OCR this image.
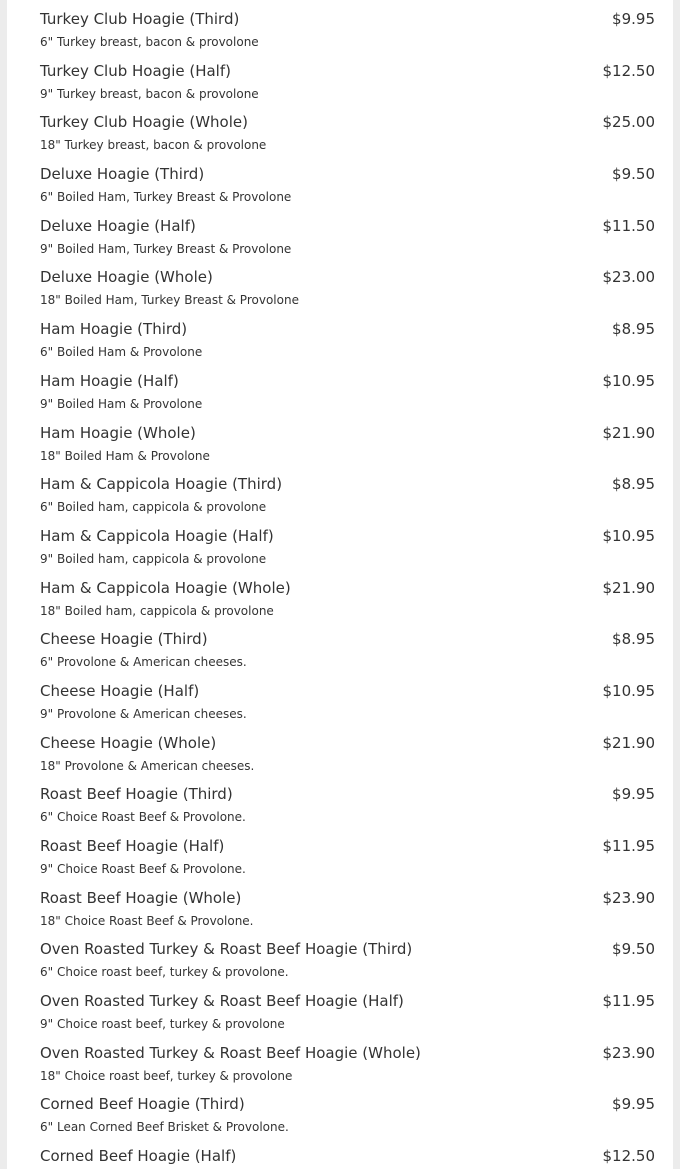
Turkey Club Hoagie (Third)	$9.95
6" Turkey breast, bacon & provolone
Turkey Club Hoagie (Half)	$12.50
9" Turkey breast, bacon & provolone
Turkey Club Hoagie (Whole)	$25.00
18" Turkey breast, bacon & provolone
Deluxe Hoagie (Third)	$9.50
6" Boiled Ham, Turkey Breast & Provolone
Deluxe Hoagie (Half)	$11.50
9" Boiled Ham, Turkey Breast & Provolone
Deluxe Hoagie (Whole)	$23.00
18" Boiled Ham, Turkey Breast & Provolone
Ham Hoagie (Third)	$8.95
6" Boiled Ham & Provolone
Ham Hoagie (Half)	$10.95
9" Boiled Ham & Provolone
Ham Hoagie (Whole)	$21.90
18" Boiled Ham & Provolone
Ham & Cappicola Hoagie (Third)	$8.95
6" Boiled ham, cappicola & provolone
Ham & Cappicola Hoagie (Half)	$10.95
9" Boiled ham, cappicola & provolone
Ham & Cappicola Hoagie (Whole)	$21.90
18" Boiled ham, cappicola & provolone
Cheese Hoagie (Third)	$8.95
6" Provolone & American cheeses.
Cheese Hoagie (Half)	$10.95
9" Provolone & American cheeses.
Cheese Hoagie (Whole)	$21.90
18" Provolone & American cheeses.
Roast Beef Hoagie (Third)	$9.95
6" Choice Roast Beef & Provolone.
Roast Beef Hoagie (Half)	$11.95
9" Choice Roast Beef & Provolone.
Roast Beef Hoagie (Whole)	$23.90
18" Choice Roast Beef & Provolone.
Oven Roasted Turkey & Roast Beef Hoagie (Third)	$9.50
6" Choice roast beef, turkey & provolone.
Oven Roasted Turkey & Roast Beef Hoagie (Half)	$11.95
9" Choice roast beef, turkey & provolone
Oven Roasted Turkey & Roast Beef Hoagie (Whole)	$23.90
18" Choice roast beef, turkey & provolone
Corned Beef Hoagie (Third)	$9.95
6" Lean Corned Beef Brisket & Provolone.
Corned Beef Hoagie (Half)	$12.50
